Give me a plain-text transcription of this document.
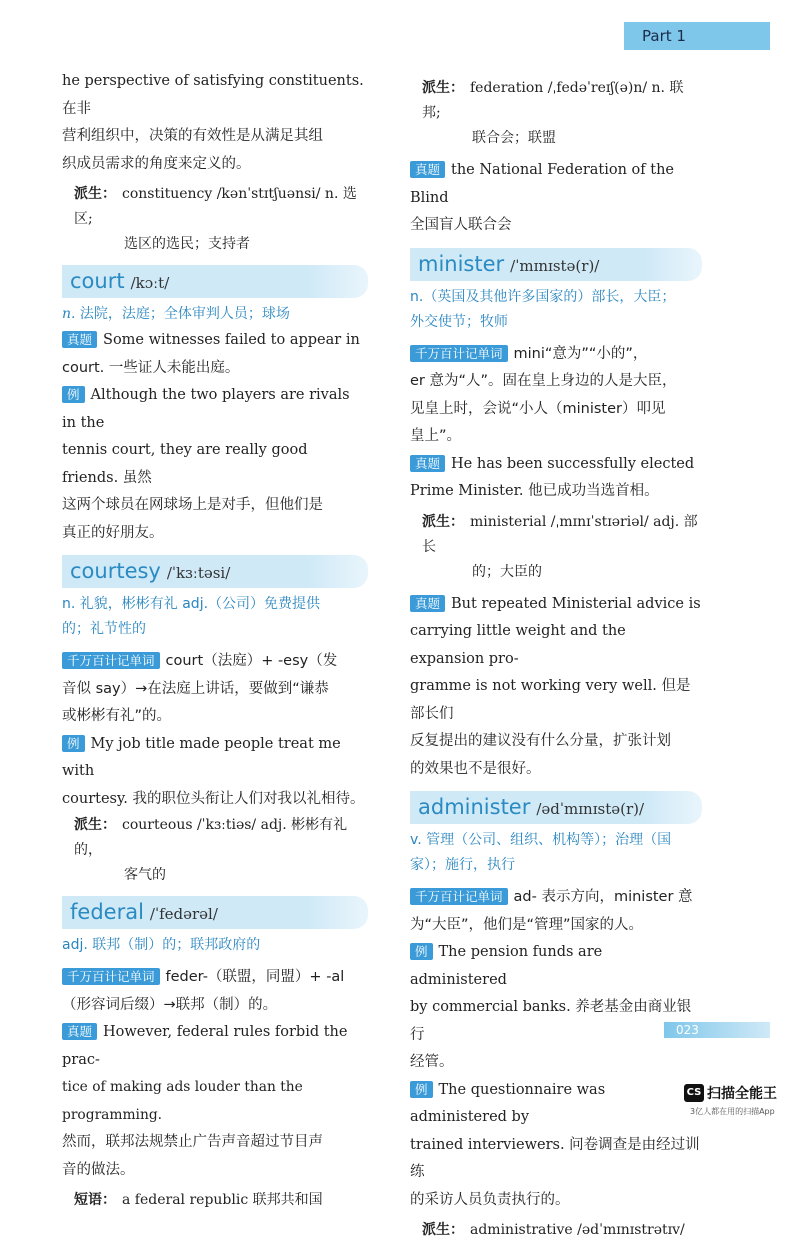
Part 1
he perspective of satisfying constituents. 在非
营利组织中，决策的有效性是从满足其组
织成员需求的角度来定义的。
派生： constituency /kənˈstɪtʃuənsi/ n. 选区;
选区的选民；支持者
court /kɔːt/
n. 法院，法庭；全体审判人员；球场
真题 Some witnesses failed to appear in
court. 一些证人未能出庭。
例 Although the two players are rivals in the
tennis court, they are really good friends. 虽然
这两个球员在网球场上是对手，但他们是
真正的好朋友。
courtesy /ˈkɜːtəsi/
n. 礼貌，彬彬有礼 adj.（公司）免费提供
的；礼节性的
千万百计记单词 court（法庭）+ -esy（发
音似 say）→在法庭上讲话，要做到“谦恭
或彬彬有礼”的。
例 My job title made people treat me with
courtesy. 我的职位头衔让人们对我以礼相待。
派生： courteous /ˈkɜːtiəs/ adj. 彬彬有礼的，
客气的
federal /ˈfedərəl/
adj. 联邦（制）的；联邦政府的
千万百计记单词 feder-（联盟，同盟）+ -al
（形容词后缀）→联邦（制）的。
真题 However, federal rules forbid the prac-
tice of making ads louder than the programming.
然而，联邦法规禁止广告声音超过节目声
音的做法。
短语： a federal republic 联邦共和国
派生： federation /ˌfedəˈreɪʃ(ə)n/ n. 联邦;
联合会；联盟
真题 the National Federation of the Blind
全国盲人联合会
minister /ˈmɪnɪstə(r)/
n.（英国及其他许多国家的）部长，大臣；
外交使节；牧师
千万百计记单词 mini“意为”“小的”，
er 意为“人”。固在皇上身边的人是大臣，
见皇上时，会说“小人（minister）叩见
皇上”。
真题 He has been successfully elected
Prime Minister. 他已成功当选首相。
派生： ministerial /ˌmɪnɪˈstɪəriəl/ adj. 部长
的；大臣的
真题 But repeated Ministerial advice is
carrying little weight and the expansion pro-
gramme is not working very well. 但是部长们
反复提出的建议没有什么分量，扩张计划
的效果也不是很好。
administer /ədˈmɪnɪstə(r)/
v. 管理（公司、组织、机构等）；治理（国
家）；施行，执行
千万百计记单词 ad- 表示方向，minister 意
为“大臣”，他们是“管理”国家的人。
例 The pension funds are administered
by commercial banks. 养老基金由商业银行
经管。
例 The questionnaire was administered by
trained interviewers. 问卷调查是由经过训练
的采访人员负责执行的。
派生： administrative /ədˈmɪnɪstrətɪv/
023
CS 扫描全能王
3亿人都在用的扫描App
